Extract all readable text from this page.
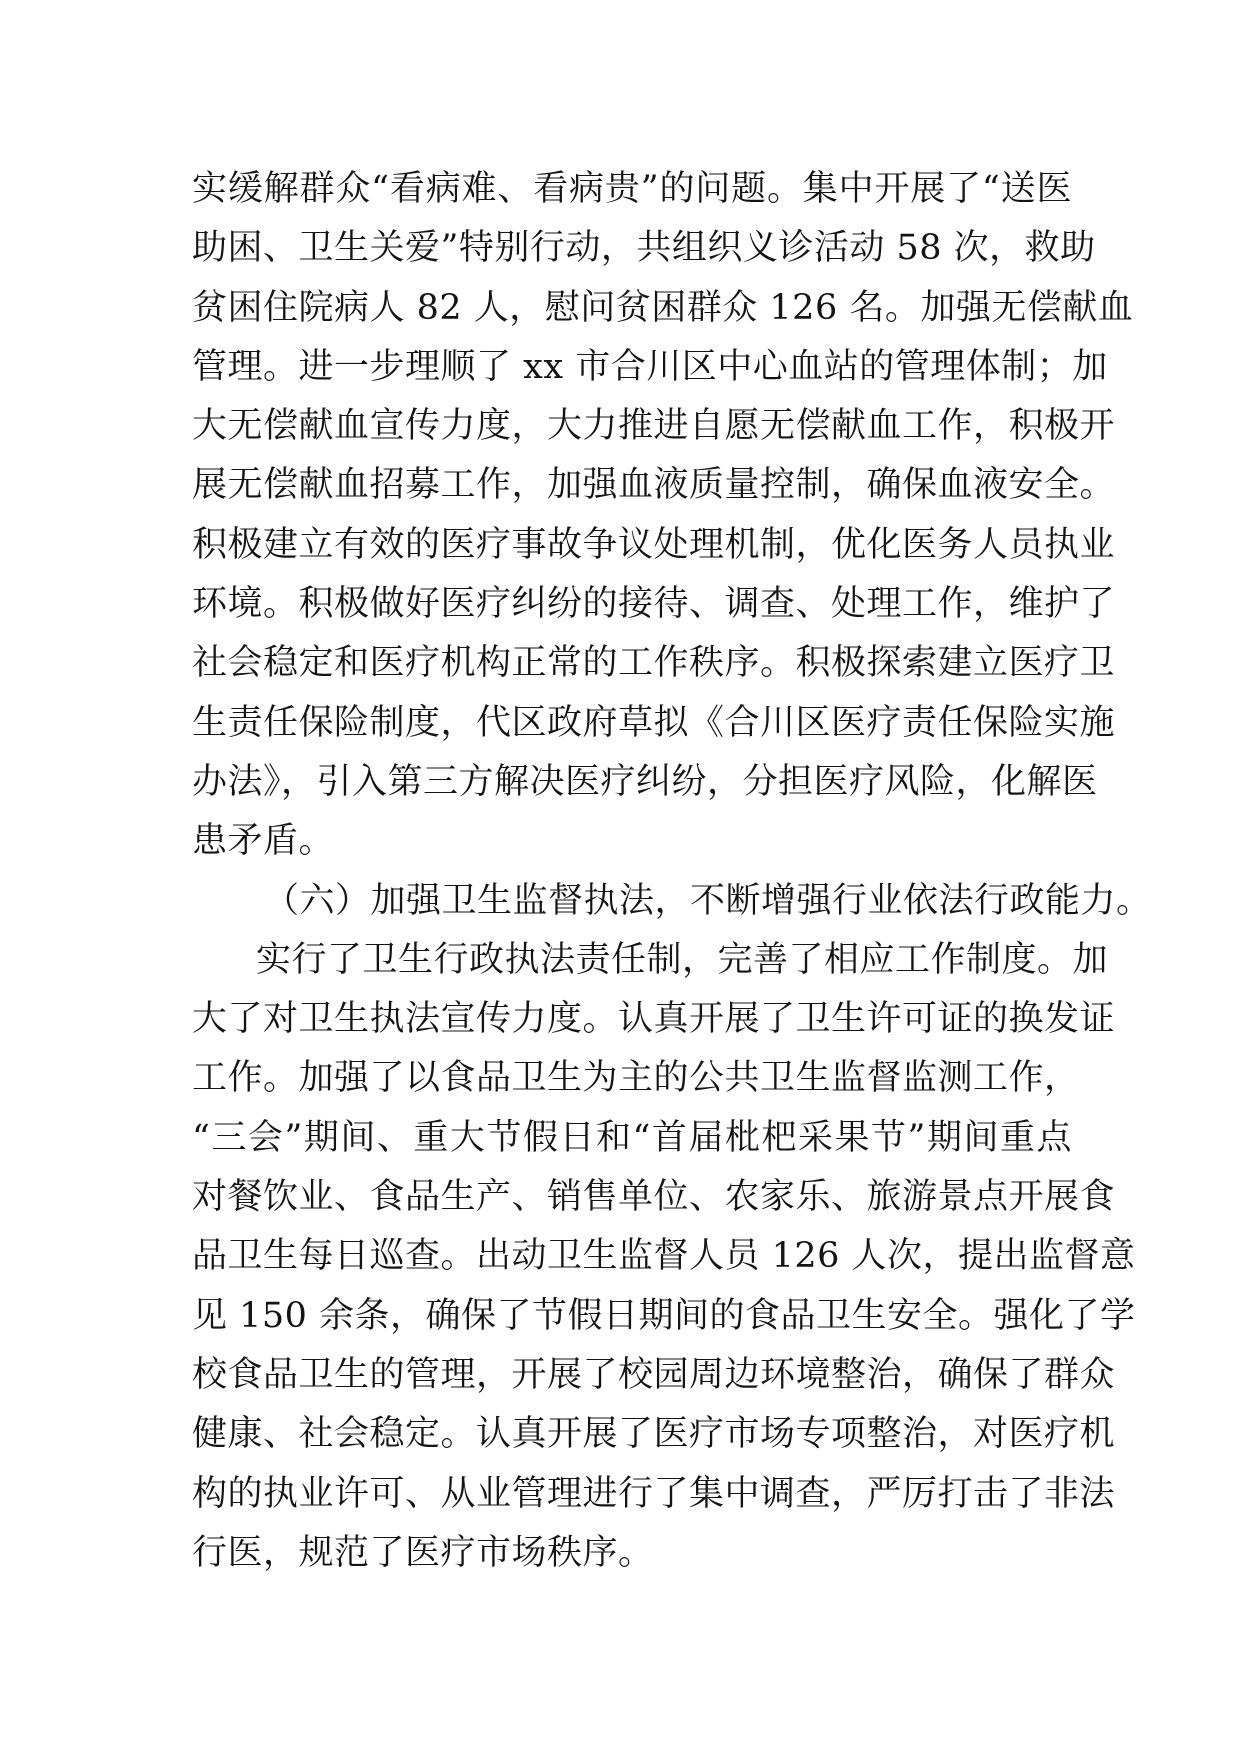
实缓解群众“看病难、看病贵”的问题。集中开展了“送医
助困、卫生关爱”特别行动，共组织义诊活动 58 次，救助
贫困住院病人 82 人，慰问贫困群众 126 名。加强无偿献血
管理。进一步理顺了 xx 市合川区中心血站的管理体制；加
大无偿献血宣传力度，大力推进自愿无偿献血工作，积极开
展无偿献血招募工作，加强血液质量控制，确保血液安全。
积极建立有效的医疗事故争议处理机制，优化医务人员执业
环境。积极做好医疗纠纷的接待、调查、处理工作，维护了
社会稳定和医疗机构正常的工作秩序。积极探索建立医疗卫
生责任保险制度，代区政府草拟《合川区医疗责任保险实施
办法》，引入第三方解决医疗纠纷，分担医疗风险，化解医
患矛盾。
（六）加强卫生监督执法，不断增强行业依法行政能力。
实行了卫生行政执法责任制，完善了相应工作制度。加
大了对卫生执法宣传力度。认真开展了卫生许可证的换发证
工作。加强了以食品卫生为主的公共卫生监督监测工作，
“三会”期间、重大节假日和“首届枇杷采果节”期间重点
对餐饮业、食品生产、销售单位、农家乐、旅游景点开展食
品卫生每日巡查。出动卫生监督人员 126 人次，提出监督意
见 150 余条，确保了节假日期间的食品卫生安全。强化了学
校食品卫生的管理，开展了校园周边环境整治，确保了群众
健康、社会稳定。认真开展了医疗市场专项整治，对医疗机
构的执业许可、从业管理进行了集中调查，严厉打击了非法
行医，规范了医疗市场秩序。
